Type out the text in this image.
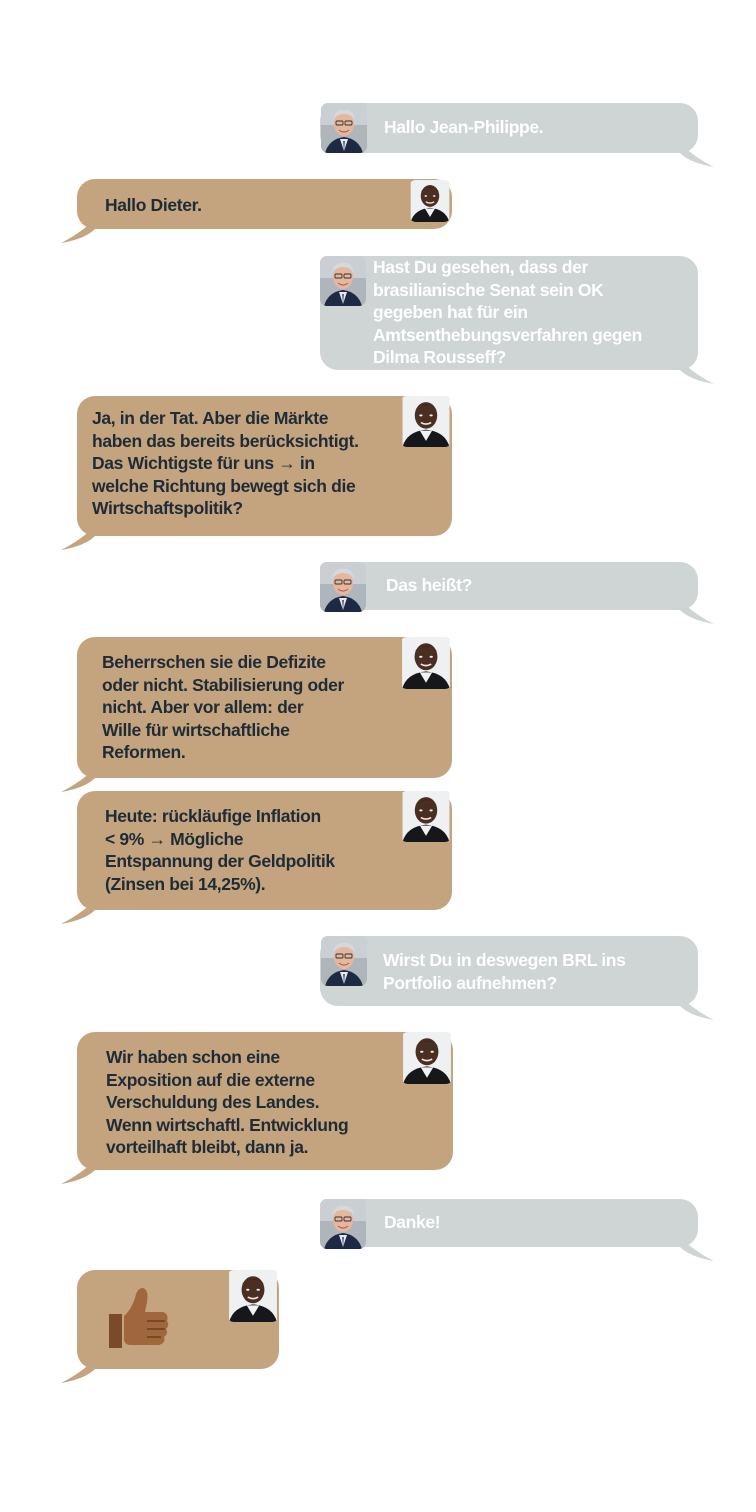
Hallo Jean-Philippe.
Hallo Dieter.
Hast Du gesehen, dass der
brasilianische Senat sein OK
gegeben hat für ein
Amtsenthebungsverfahren gegen
Dilma Rousseff?
Ja, in der Tat. Aber die Märkte
haben das bereits berücksichtigt.
Das Wichtigste für uns → in
welche Richtung bewegt sich die
Wirtschaftspolitik?
Das heißt?
Beherrschen sie die Defizite
oder nicht. Stabilisierung oder
nicht. Aber vor allem: der
Wille für wirtschaftliche
Reformen.
Heute: rückläufige Inflation
< 9% → Mögliche
Entspannung der Geldpolitik
(Zinsen bei 14,25%).
Wirst Du in deswegen BRL ins
Portfolio aufnehmen?
Wir haben schon eine
Exposition auf die externe
Verschuldung des Landes.
Wenn wirtschaftl. Entwicklung
vorteilhaft bleibt, dann ja.
Danke!
